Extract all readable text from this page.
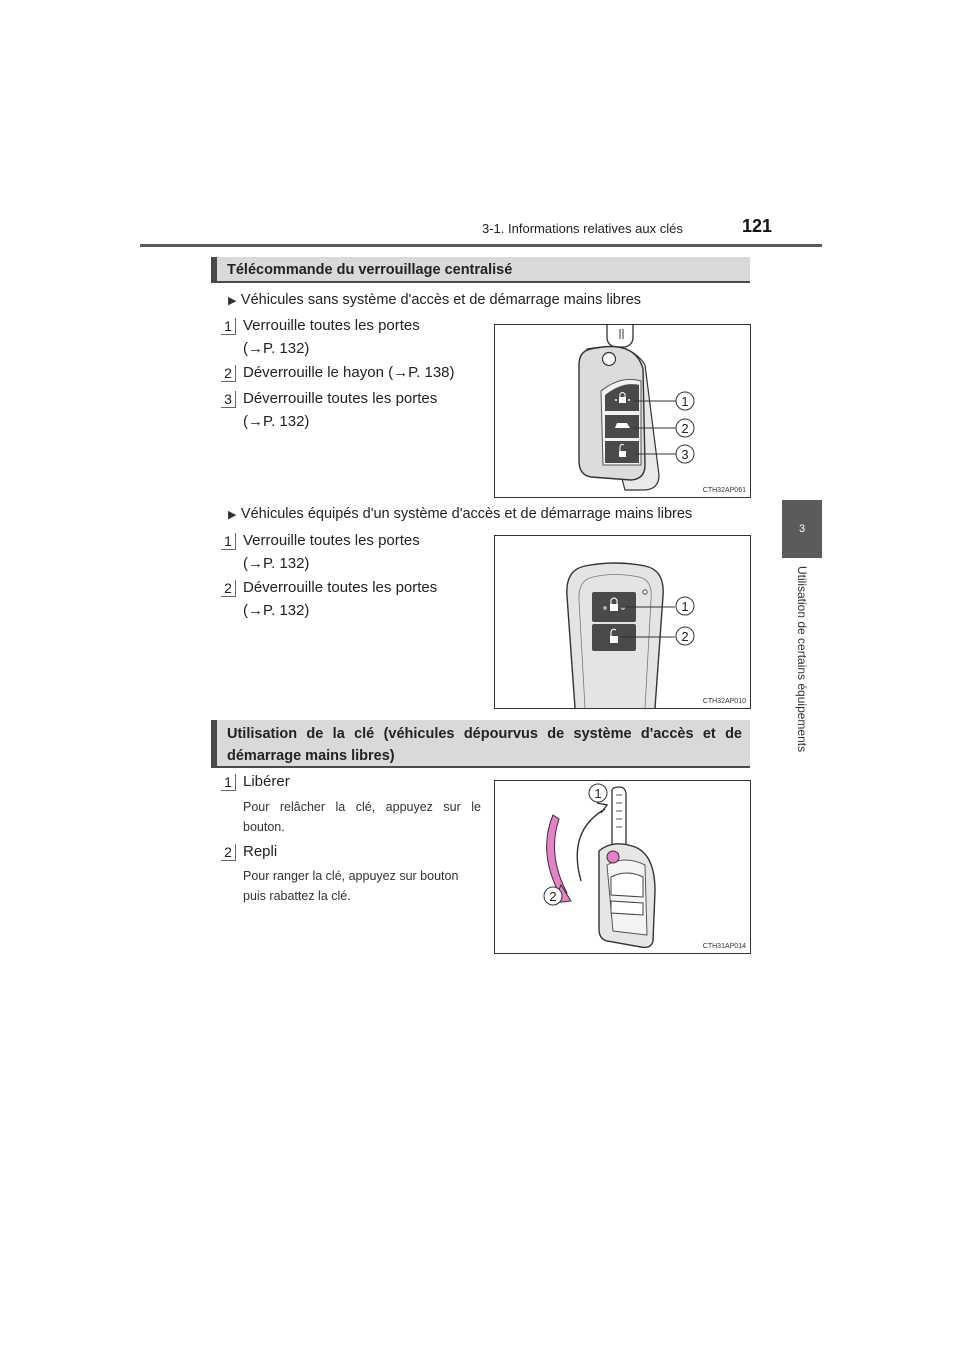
3-1. Informations relatives aux clés	121
3
Utilisation de certains équipements
Télécommande du verrouillage centralisé
▶ Véhicules sans système d'accès et de démarrage mains libres
1 Verrouille toutes les portes
(→P. 132)
2 Déverrouille le hayon (→P. 138)
3 Déverrouille toutes les portes
(→P. 132)
1
2
3
CTH32AP061
▶ Véhicules équipés d'un système d'accès et de démarrage mains libres
1 Verrouille toutes les portes
(→P. 132)
2 Déverrouille toutes les portes
(→P. 132)	1
2
CTH32AP010
Utilisation de la clé (véhicules dépourvus de système d'accès et de
démarrage mains libres)
1 Libérer
Pour relâcher la clé, appuyez sur le
bouton.
2 Repli
Pour ranger la clé, appuyez sur bouton
puis rabattez la clé.
1
2
CTH31AP014
